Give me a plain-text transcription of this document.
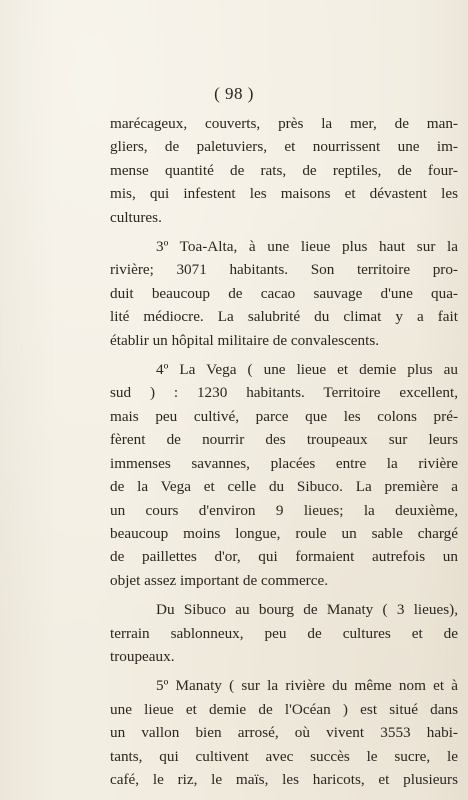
( 98 )
marécageux, couverts, près la mer, de man-
gliers, de paletuviers, et nourrissent une im-
mense quantité de rats, de reptiles, de four-
mis, qui infestent les maisons et dévastent les
cultures.
3º Toa-Alta, à une lieue plus haut sur la
rivière; 3071 habitants. Son territoire pro-
duit beaucoup de cacao sauvage d'une qua-
lité médiocre. La salubrité du climat y a fait
établir un hôpital militaire de convalescents.
4º La Vega ( une lieue et demie plus au
sud ) : 1230 habitants. Territoire excellent,
mais peu cultivé, parce que les colons pré-
fèrent de nourrir des troupeaux sur leurs
immenses savannes, placées entre la rivière
de la Vega et celle du Sibuco. La première a
un cours d'environ 9 lieues; la deuxième,
beaucoup moins longue, roule un sable chargé
de paillettes d'or, qui formaient autrefois un
objet assez important de commerce.
Du Sibuco au bourg de Manaty ( 3 lieues),
terrain sablonneux, peu de cultures et de
troupeaux.
5º Manaty ( sur la rivière du même nom et à
une lieue et demie de l'Océan ) est situé dans
un vallon bien arrosé, où vivent 3553 habi-
tants, qui cultivent avec succès le sucre, le
café, le riz, le maïs, les haricots, et plusieurs
